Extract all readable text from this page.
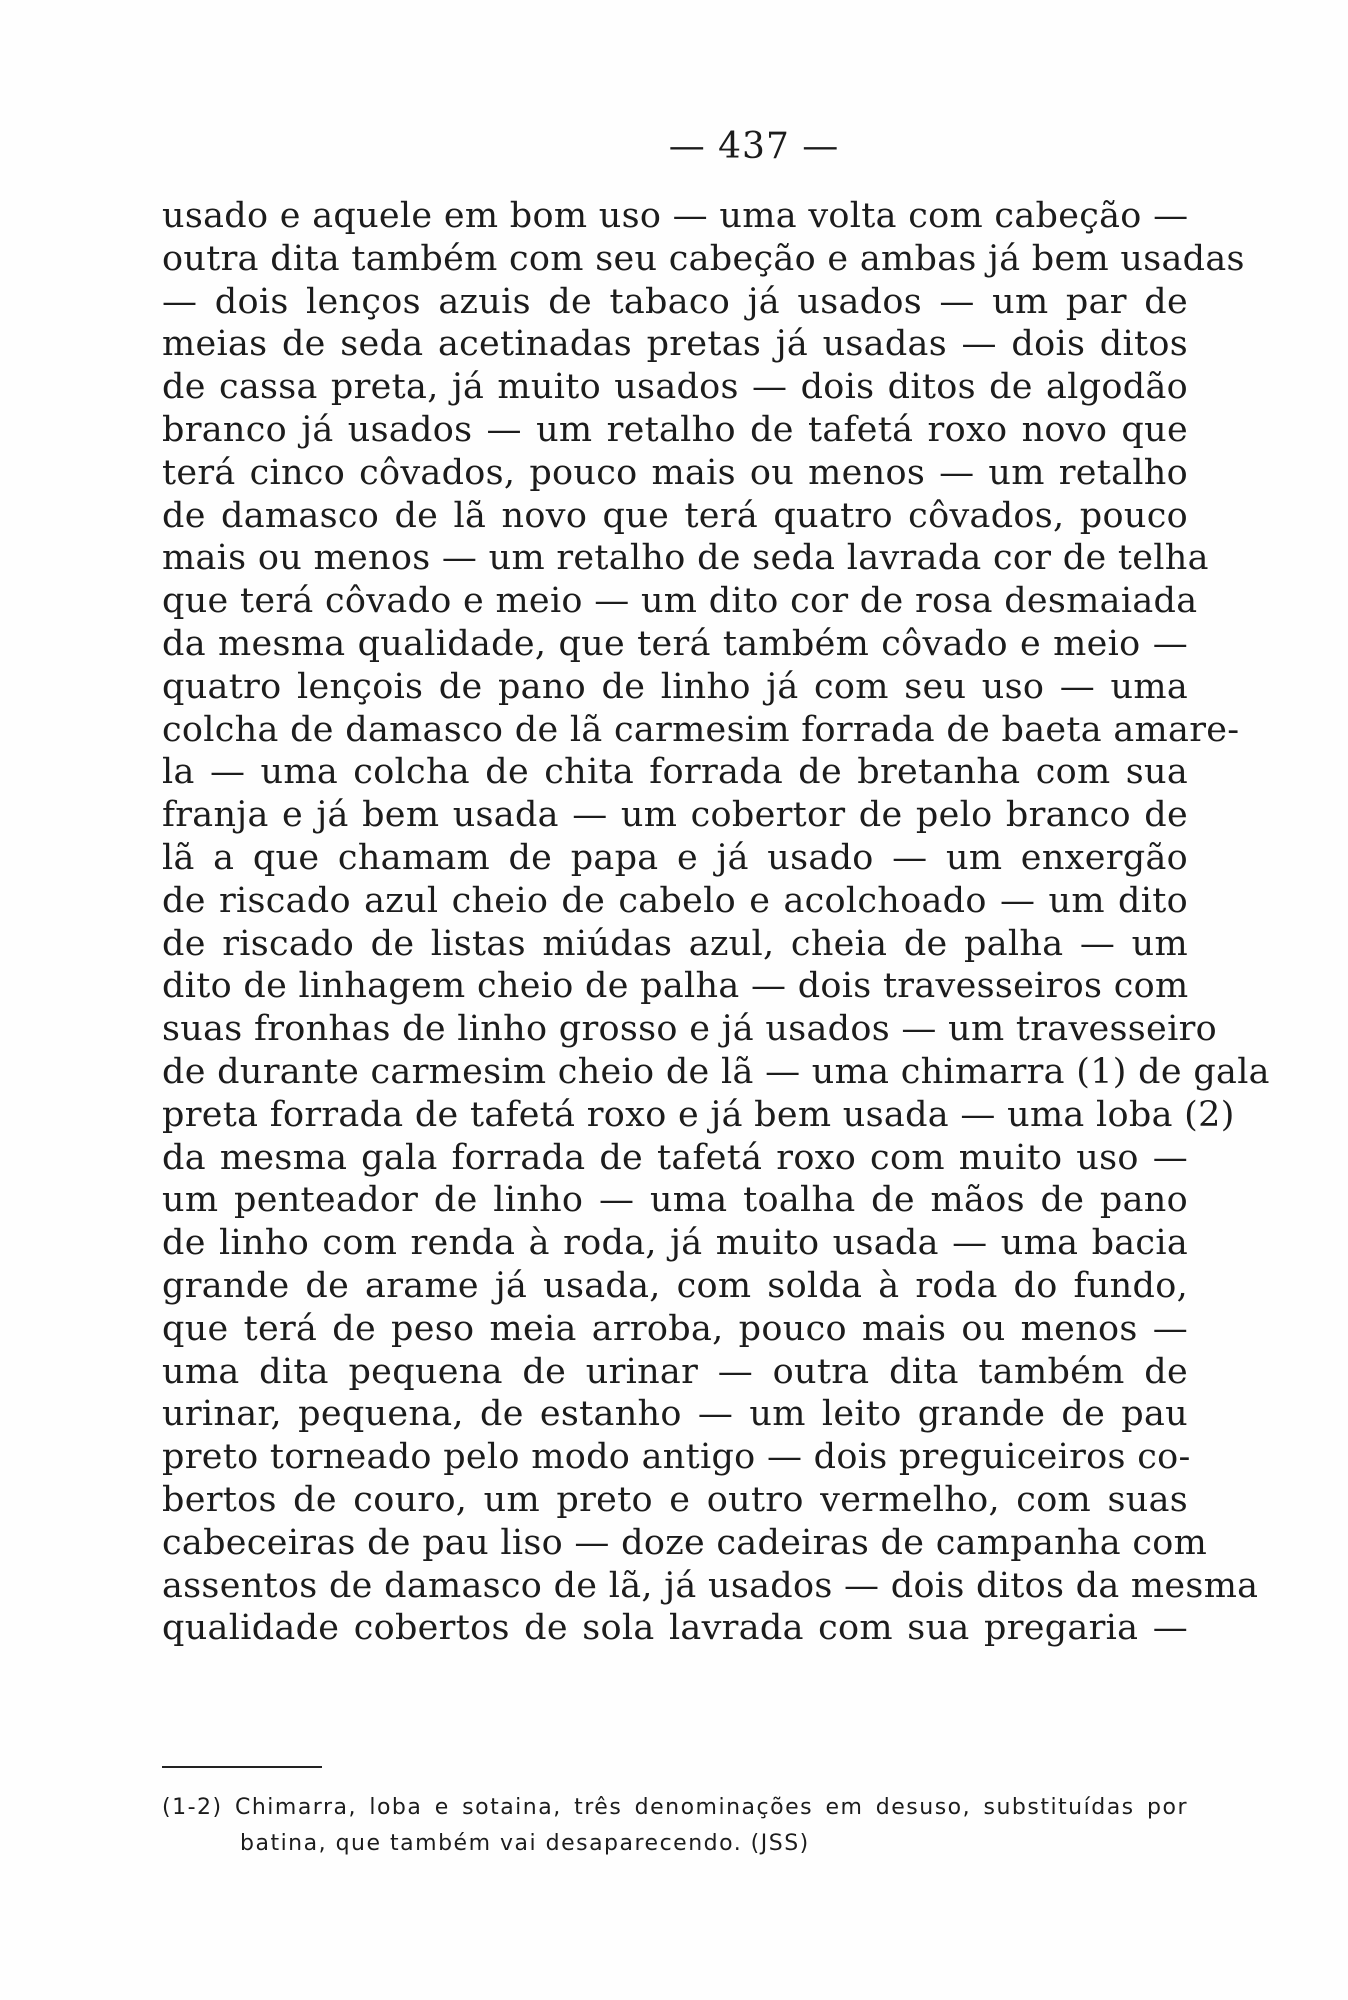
— 437 —
usado e aquele em bom uso — uma volta com cabeção —
outra dita também com seu cabeção e ambas já bem usadas
— dois lenços azuis de tabaco já usados — um par de
meias de seda acetinadas pretas já usadas — dois ditos
de cassa preta, já muito usados — dois ditos de algodão
branco já usados — um retalho de tafetá roxo novo que
terá cinco côvados, pouco mais ou menos — um retalho
de damasco de lã novo que terá quatro côvados, pouco
mais ou menos — um retalho de seda lavrada cor de telha
que terá côvado e meio — um dito cor de rosa desmaiada
da mesma qualidade, que terá também côvado e meio —
quatro lençois de pano de linho já com seu uso — uma
colcha de damasco de lã carmesim forrada de baeta amare-
la — uma colcha de chita forrada de bretanha com sua
franja e já bem usada — um cobertor de pelo branco de
lã a que chamam de papa e já usado — um enxergão
de riscado azul cheio de cabelo e acolchoado — um dito
de riscado de listas miúdas azul, cheia de palha — um
dito de linhagem cheio de palha — dois travesseiros com
suas fronhas de linho grosso e já usados — um travesseiro
de durante carmesim cheio de lã — uma chimarra (1) de gala
preta forrada de tafetá roxo e já bem usada — uma loba (2)
da mesma gala forrada de tafetá roxo com muito uso —
um penteador de linho — uma toalha de mãos de pano
de linho com renda à roda, já muito usada — uma bacia
grande de arame já usada, com solda à roda do fundo,
que terá de peso meia arroba, pouco mais ou menos —
uma dita pequena de urinar — outra dita também de
urinar, pequena, de estanho — um leito grande de pau
preto torneado pelo modo antigo — dois preguiceiros co-
bertos de couro, um preto e outro vermelho, com suas
cabeceiras de pau liso — doze cadeiras de campanha com
assentos de damasco de lã, já usados — dois ditos da mesma
qualidade cobertos de sola lavrada com sua pregaria —
(1-2) Chimarra, loba e sotaina, três denominações em desuso, substituídas por
batina, que também vai desaparecendo. (JSS)
